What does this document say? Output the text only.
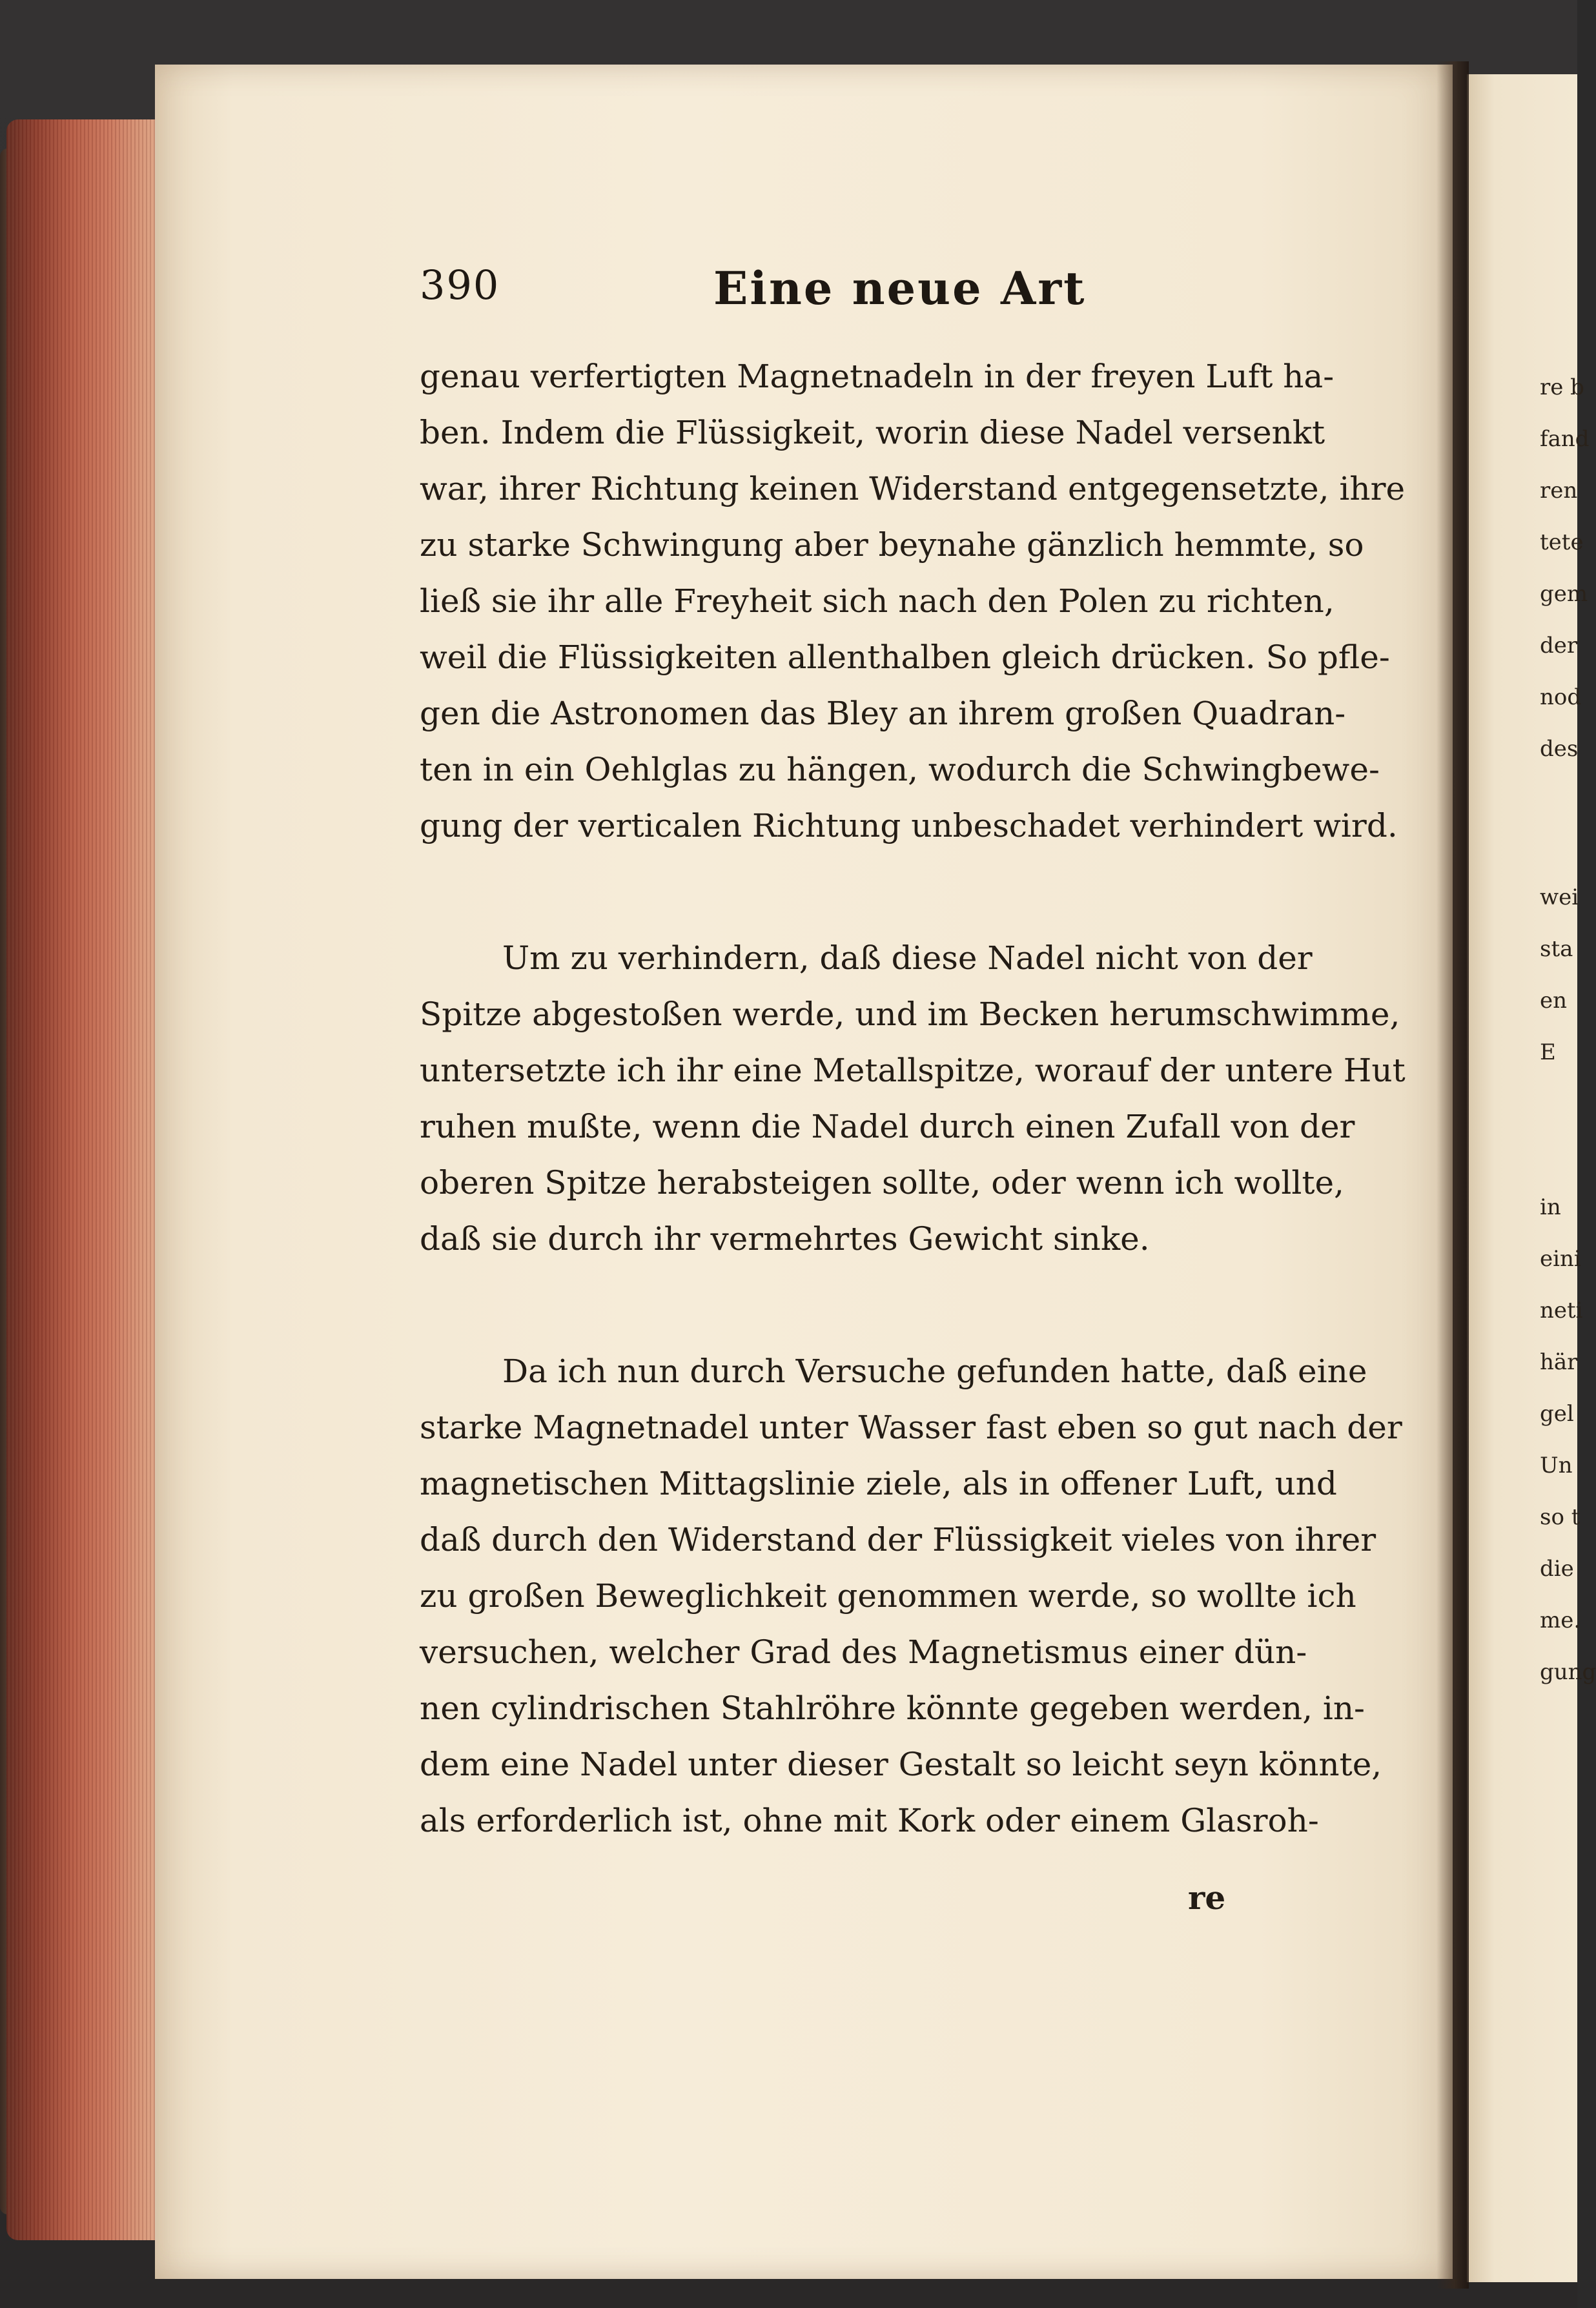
390	Eine neue Art
genau verfertigten Magnetnadeln in der freyen Luft ha-
ben. Indem die Flüssigkeit, worin diese Nadel versenkt
war, ihrer Richtung keinen Widerstand entgegensetzte, ihre
zu starke Schwingung aber beynahe gänzlich hemmte, so
ließ sie ihr alle Freyheit sich nach den Polen zu richten,
weil die Flüssigkeiten allenthalben gleich drücken. So pfle-
gen die Astronomen das Bley an ihrem großen Quadran-
ten in ein Oehlglas zu hängen, wodurch die Schwingbewe-
gung der verticalen Richtung unbeschadet verhindert wird.
Um zu verhindern, daß diese Nadel nicht von der
Spitze abgestoßen werde, und im Becken herumschwimme,
untersetzte ich ihr eine Metallspitze, worauf der untere Hut
ruhen mußte, wenn die Nadel durch einen Zufall von der
oberen Spitze herabsteigen sollte, oder wenn ich wollte,
daß sie durch ihr vermehrtes Gewicht sinke.
Da ich nun durch Versuche gefunden hatte, daß eine
starke Magnetnadel unter Wasser fast eben so gut nach der
magnetischen Mittagslinie ziele, als in offener Luft, und
daß durch den Widerstand der Flüssigkeit vieles von ihrer
zu großen Beweglichkeit genommen werde, so wollte ich
versuchen, welcher Grad des Magnetismus einer dün-
nen cylindrischen Stahlröhre könnte gegeben werden, in-
dem eine Nadel unter dieser Gestalt so leicht seyn könnte,
als erforderlich ist, ohne mit Kork oder einem Glasroh-
re
re b
fand
ren
tete
gem
der
nod
des
wei
sta
en
E
in
eini
neti
här
gel
Un
so t
die
me.
gung
